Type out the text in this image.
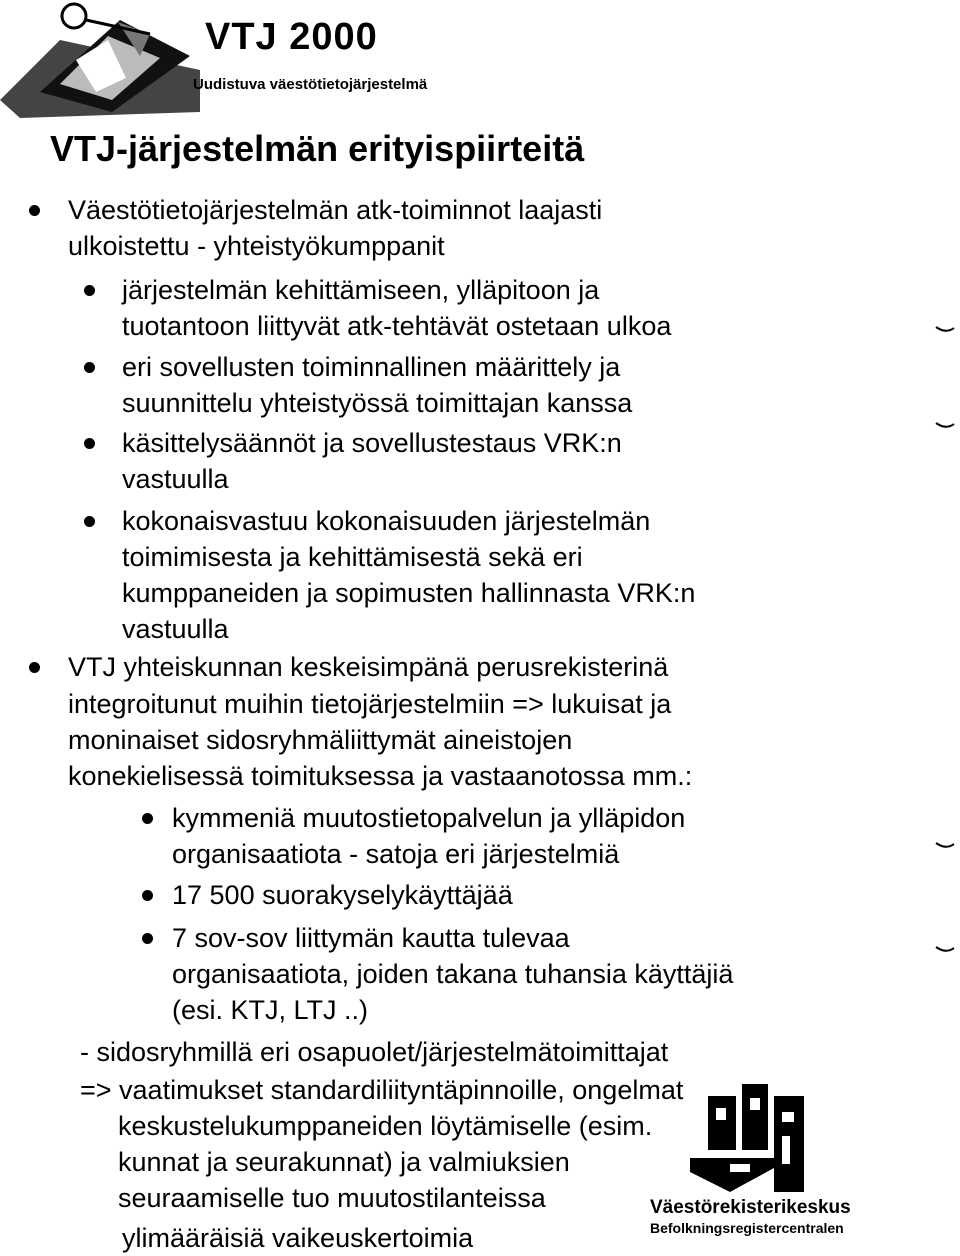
VTJ 2000
Uudistuva väestötietojärjestelmä
VTJ-järjestelmän erityispiirteitä
Väestötietojärjestelmän atk-toiminnot laajasti
ulkoistettu - yhteistyökumppanit
järjestelmän kehittämiseen, ylläpitoon ja
tuotantoon liittyvät atk-tehtävät ostetaan ulkoa
eri sovellusten toiminnallinen määrittely ja
suunnittelu yhteistyössä toimittajan kanssa
käsittelysäännöt ja sovellustestaus VRK:n
vastuulla
kokonaisvastuu kokonaisuuden järjestelmän
toimimisesta ja kehittämisestä sekä eri
kumppaneiden ja sopimusten hallinnasta VRK:n
vastuulla
VTJ yhteiskunnan keskeisimpänä perusrekisterinä
integroitunut muihin tietojärjestelmiin => lukuisat ja
moninaiset sidosryhmäliittymät aineistojen
konekielisessä toimituksessa ja vastaanotossa mm.:
kymmeniä muutostietopalvelun ja ylläpidon
organisaatiota - satoja eri järjestelmiä
17 500 suorakyselykäyttäjää
7 sov-sov liittymän kautta tulevaa
organisaatiota, joiden takana tuhansia käyttäjiä
(esi. KTJ, LTJ ..)
- sidosryhmillä eri osapuolet/järjestelmätoimittajat
=> vaatimukset standardiliityntäpinnoille, ongelmat
keskustelukumppaneiden löytämiselle (esim.
kunnat ja seurakunnat) ja valmiuksien
seuraamiselle tuo muutostilanteissa
ylimääräisiä vaikeuskertoimia
Väestörekisterikeskus
Befolkningsregistercentralen
